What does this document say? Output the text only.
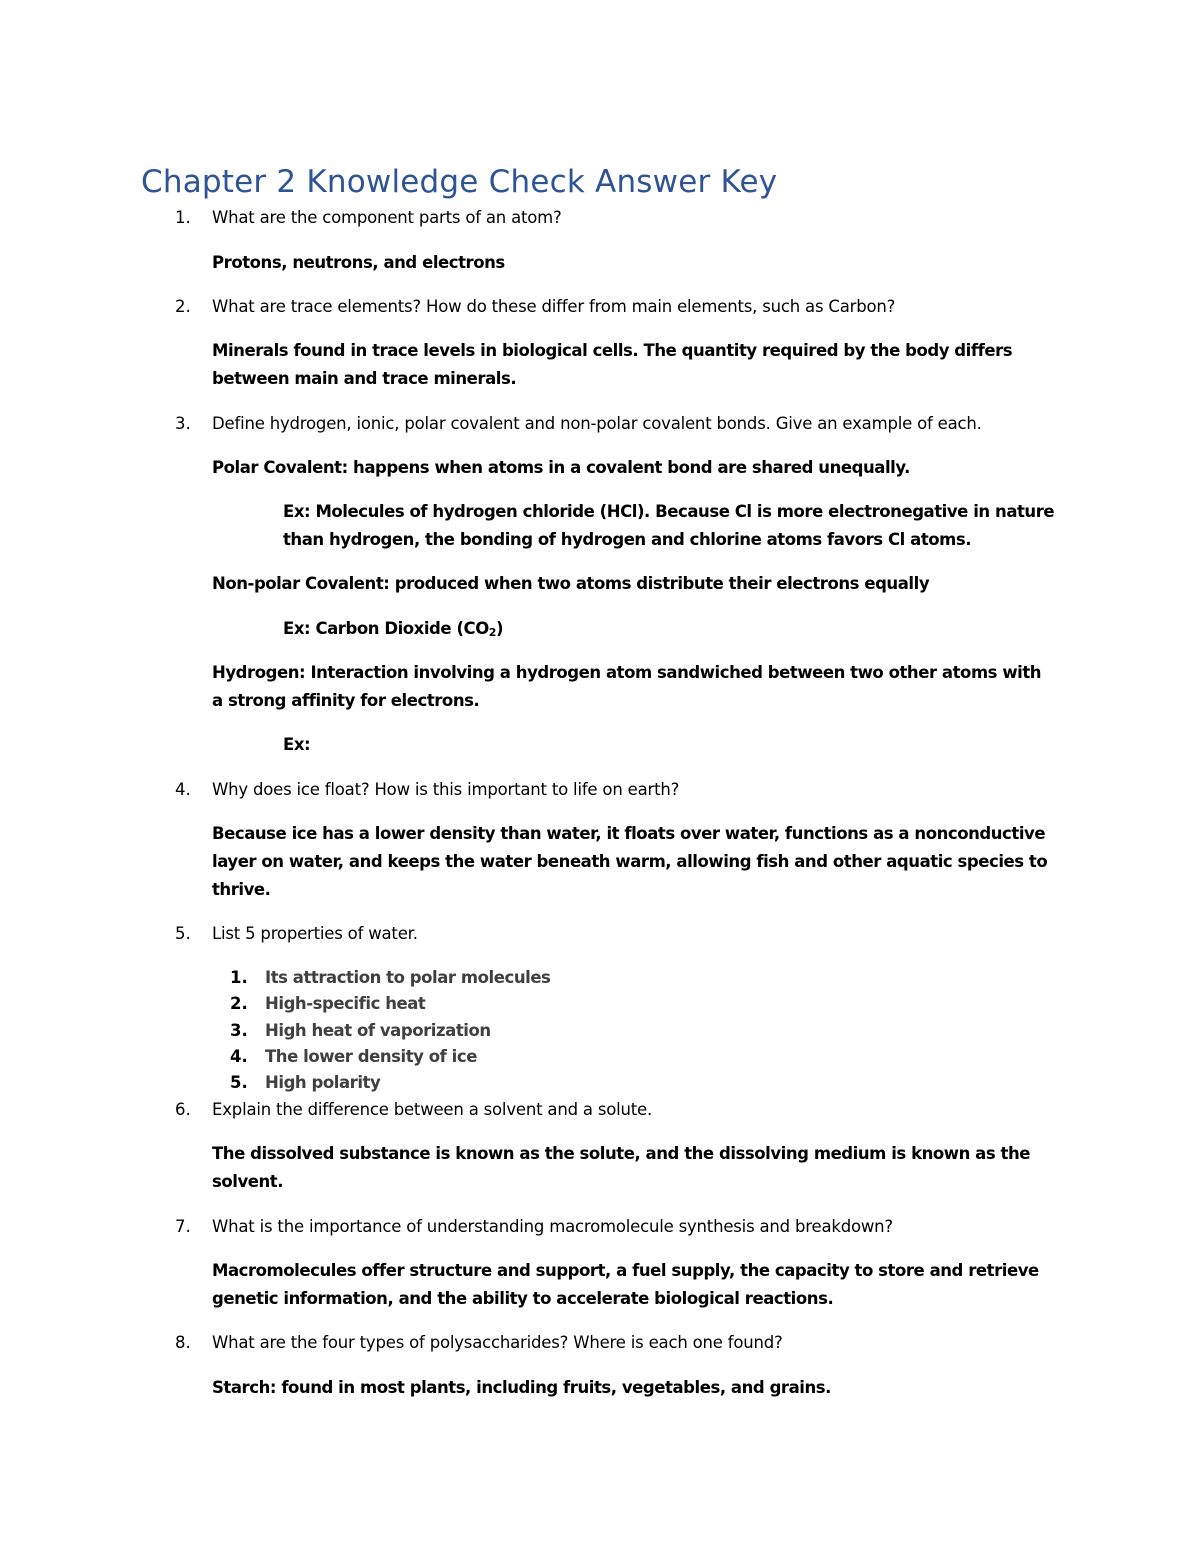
Chapter 2 Knowledge Check Answer Key
1.	What are the component parts of an atom?
Protons, neutrons, and electrons
2.	What are trace elements? How do these differ from main elements, such as Carbon?
Minerals found in trace levels in biological cells. The quantity required by the body differs
between main and trace minerals.
3.	Define hydrogen, ionic, polar covalent and non-polar covalent bonds. Give an example of each.
Polar Covalent: happens when atoms in a covalent bond are shared unequally.
Ex: Molecules of hydrogen chloride (HCl). Because Cl is more electronegative in nature
than hydrogen, the bonding of hydrogen and chlorine atoms favors Cl atoms.
Non-polar Covalent: produced when two atoms distribute their electrons equally
Ex: Carbon Dioxide $(CO_2)$
Hydrogen: Interaction involving a hydrogen atom sandwiched between two other atoms with
a strong affinity for electrons.
Ex:
4.	Why does ice float? How is this important to life on earth?
Because ice has a lower density than water, it floats over water, functions as a nonconductive
layer on water, and keeps the water beneath warm, allowing fish and other aquatic species to
thrive.
5.	List 5 properties of water.
1. Its attraction to polar molecules
2. High-specific heat
3. High heat of vaporization
4. The lower density of ice
5. High polarity
6.	Explain the difference between a solvent and a solute.
The dissolved substance is known as the solute, and the dissolving medium is known as the
solvent.
7.	What is the importance of understanding macromolecule synthesis and breakdown?
Macromolecules offer structure and support, a fuel supply, the capacity to store and retrieve
genetic information, and the ability to accelerate biological reactions.
8.	What are the four types of polysaccharides? Where is each one found?
Starch: found in most plants, including fruits, vegetables, and grains.
